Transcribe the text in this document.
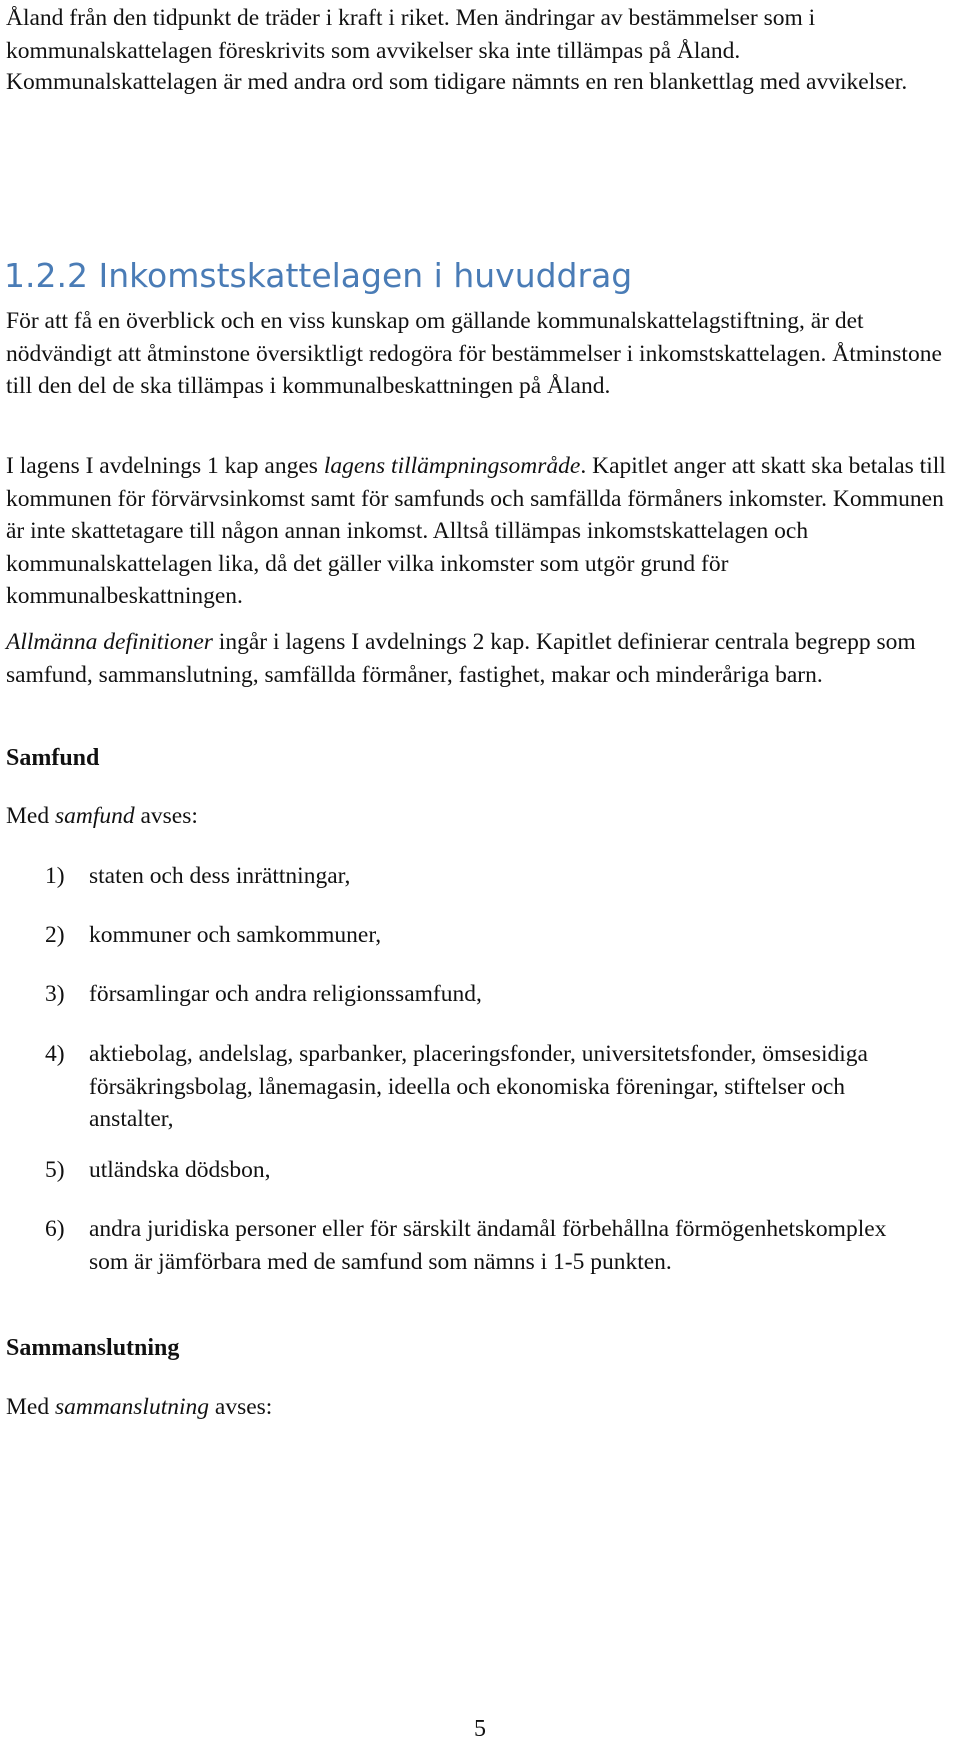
Åland från den tidpunkt de träder i kraft i riket. Men ändringar av bestämmelser som i kommunalskattelagen föreskrivits som avvikelser ska inte tillämpas på Åland.

Kommunalskattelagen är med andra ord som tidigare nämnts en ren blankettlag med avvikelser.

1.2.2 Inkomstskattelagen i huvuddrag

För att få en överblick och en viss kunskap om gällande kommunalskattelagstiftning, är det nödvändigt att åtminstone översiktligt redogöra för bestämmelser i inkomstskattelagen. Åtminstone till den del de ska tillämpas i kommunalbeskattningen på Åland.

I lagens I avdelnings 1 kap anges lagens tillämpningsområde. Kapitlet anger att skatt ska betalas till kommunen för förvärvsinkomst samt för samfunds och samfällda förmåners inkomster. Kommunen är inte skattetagare till någon annan inkomst. Alltså tillämpas inkomstskattelagen och kommunalskattelagen lika, då det gäller vilka inkomster som utgör grund för kommunalbeskattningen.

Allmänna definitioner ingår i lagens I avdelnings 2 kap. Kapitlet definierar centrala begrepp som samfund, sammanslutning, samfällda förmåner, fastighet, makar och minderåriga barn.

Samfund

Med samfund avses:

1)	staten och dess inrättningar,
2)	kommuner och samkommuner,
3)	församlingar och andra religionssamfund,
4)	aktiebolag, andelslag, sparbanker, placeringsfonder, universitetsfonder, ömsesidiga försäkringsbolag, lånemagasin, ideella och ekonomiska föreningar, stiftelser och anstalter,
5)	utländska dödsbon,
6)	andra juridiska personer eller för särskilt ändamål förbehållna förmögenhetskomplex som är jämförbara med de samfund som nämns i 1-5 punkten.

Sammanslutning

Med sammanslutning avses:

5
